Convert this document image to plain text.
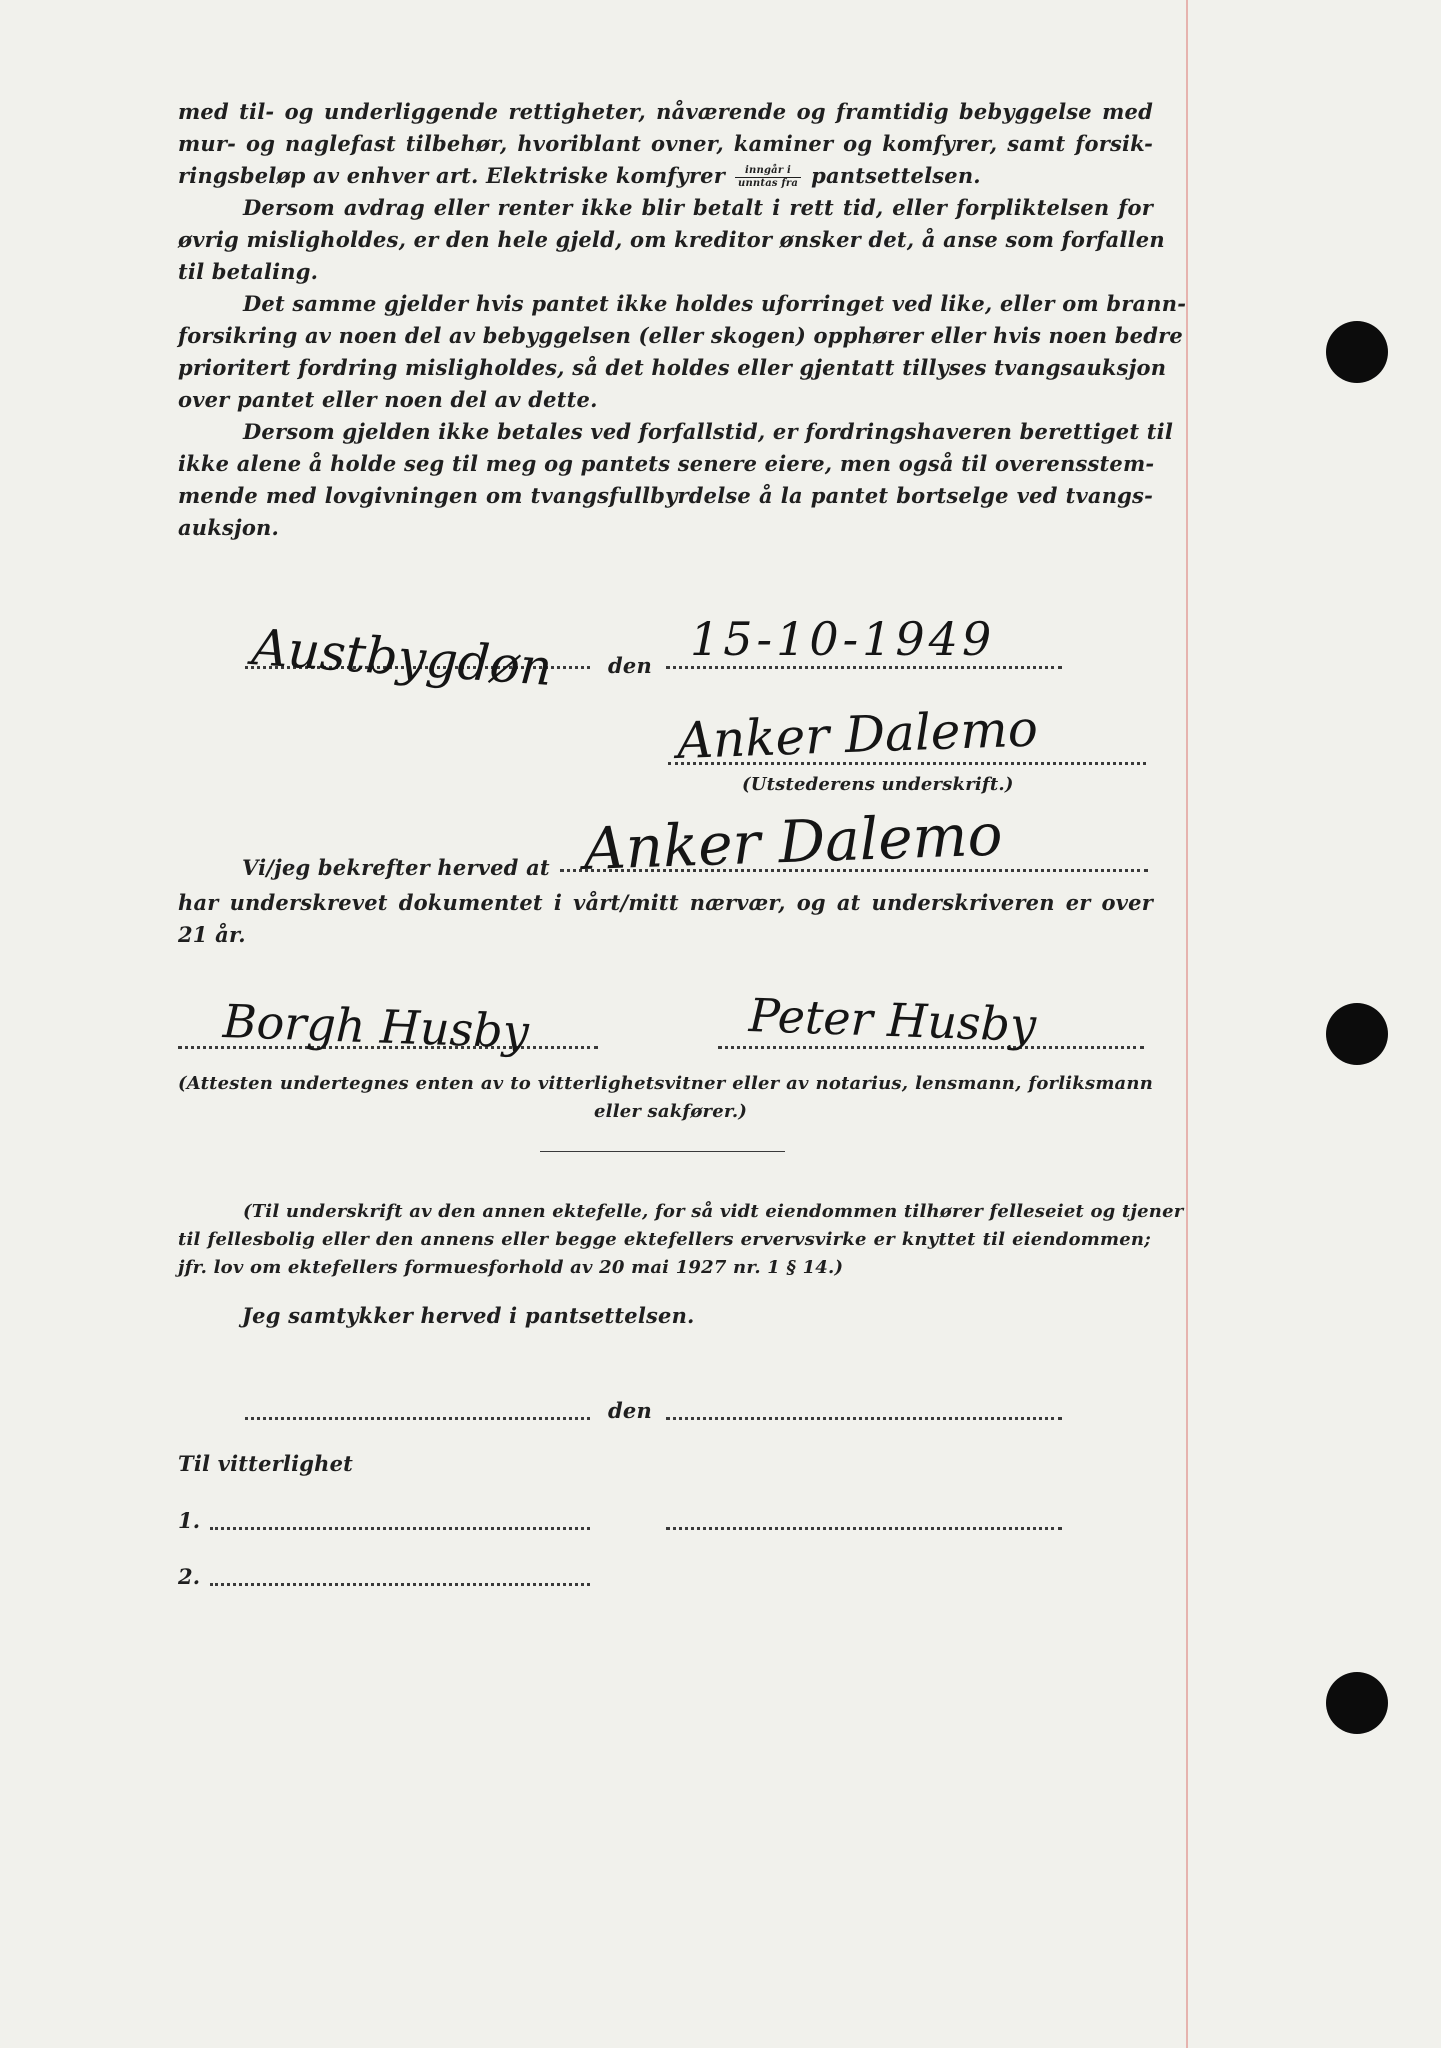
med til- og underliggende rettigheter, nåværende og framtidig bebyggelse med

mur- og naglefast tilbehør, hvoriblant ovner, kaminer og komfyrer, samt forsik-

ringsbeløp av enhver art. Elektriske komfyrer $\frac{\text{inngår i}}{\text{unntas fra}}$ pantsettelsen.

Dersom avdrag eller renter ikke blir betalt i rett tid, eller forpliktelsen for

øvrig misligholdes, er den hele gjeld, om kreditor ønsker det, å anse som forfallen

til betaling.

Det samme gjelder hvis pantet ikke holdes uforringet ved like, eller om brann-

forsikring av noen del av bebyggelsen (eller skogen) opphører eller hvis noen bedre

prioritert fordring misligholdes, så det holdes eller gjentatt tillyses tvangsauksjon

over pantet eller noen del av dette.

Dersom gjelden ikke betales ved forfallstid, er fordringshaveren berettiget til

ikke alene å holde seg til meg og pantets senere eiere, men også til overensstem-

mende med lovgivningen om tvangsfullbyrdelse å la pantet bortselge ved tvangs-

auksjon.

Austbygdøn	den 15-10-1949
Anker Dalemo

(Utstederens underskrift.)

Vi/jeg bekrefter herved at Anker Dalemo

har underskrevet dokumentet i vårt/mitt nærvær, og at underskriveren er over

21 år.

Borgh Husby	Peter Husby

(Attesten undertegnes enten av to vitterlighetsvitner eller av notarius, lensmann, forliksmann

eller sakfører.)

(Til underskrift av den annen ektefelle, for så vidt eiendommen tilhører felleseiet og tjener

til fellesbolig eller den annens eller begge ektefellers ervervsvirke er knyttet til eiendommen;

jfr. lov om ektefellers formuesforhold av 20 mai 1927 nr. 1 § 14.)

Jeg samtykker herved i pantsettelsen.

den

Til vitterlighet

1.

2.
